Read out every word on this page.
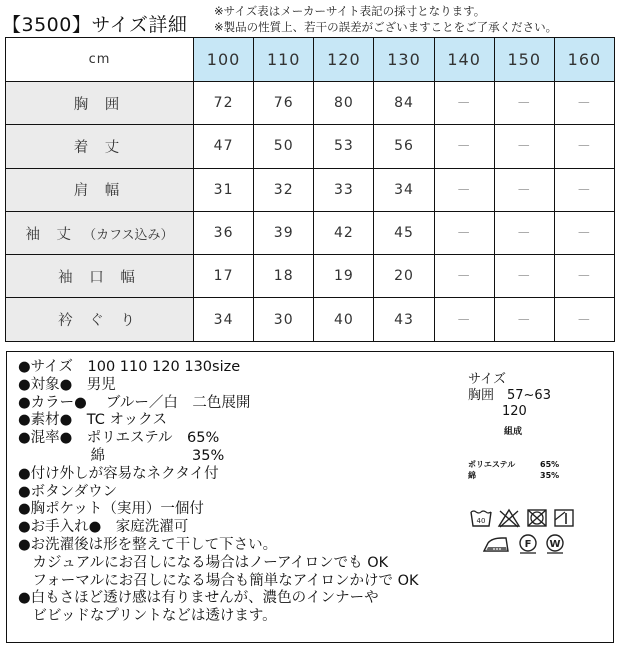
【3500】サイズ詳細
※サイズ表はメーカーサイト表記の採寸となります。
※製品の性質上、若干の誤差がございますことをご了承ください。
cm	100	110	120	130	140	150	160
胸 囲	72	76	80	84	－	－	－
着 丈	47	50	53	56	－	－	－
肩 幅	31	32	33	34	－	－	－
袖 丈 （カフス込み）	36	39	42	45	－	－	－
袖 口 幅	17	18	19	20	－	－	－
衿 ぐ り	34	30	40	43	－	－	－
●サイズ　100 110 120 130size
●対象●　男児
●カラー●　 ブルー／白　二色展開
●素材●　TC オックス
●混率●　ポリエステル　65%
　　　　　綿　　　　　　35%
●付け外しが容易なネクタイ付
●ボタンダウン
●胸ポケット（実用）一個付
●お手入れ●　家庭洗濯可
●お洗濯後は形を整えて干して下さい。
　カジュアルにお召しになる場合はノーアイロンでも OK
　フォーマルにお召しになる場合も簡単なアイロンかけで OK
●白もさほど透け感は有りませんが、濃色のインナーや
　ビビッドなプリントなどは透けます。
サイズ
胸囲　57~63
120
組成
ポリエステル	65%
綿	35%
40
F W
